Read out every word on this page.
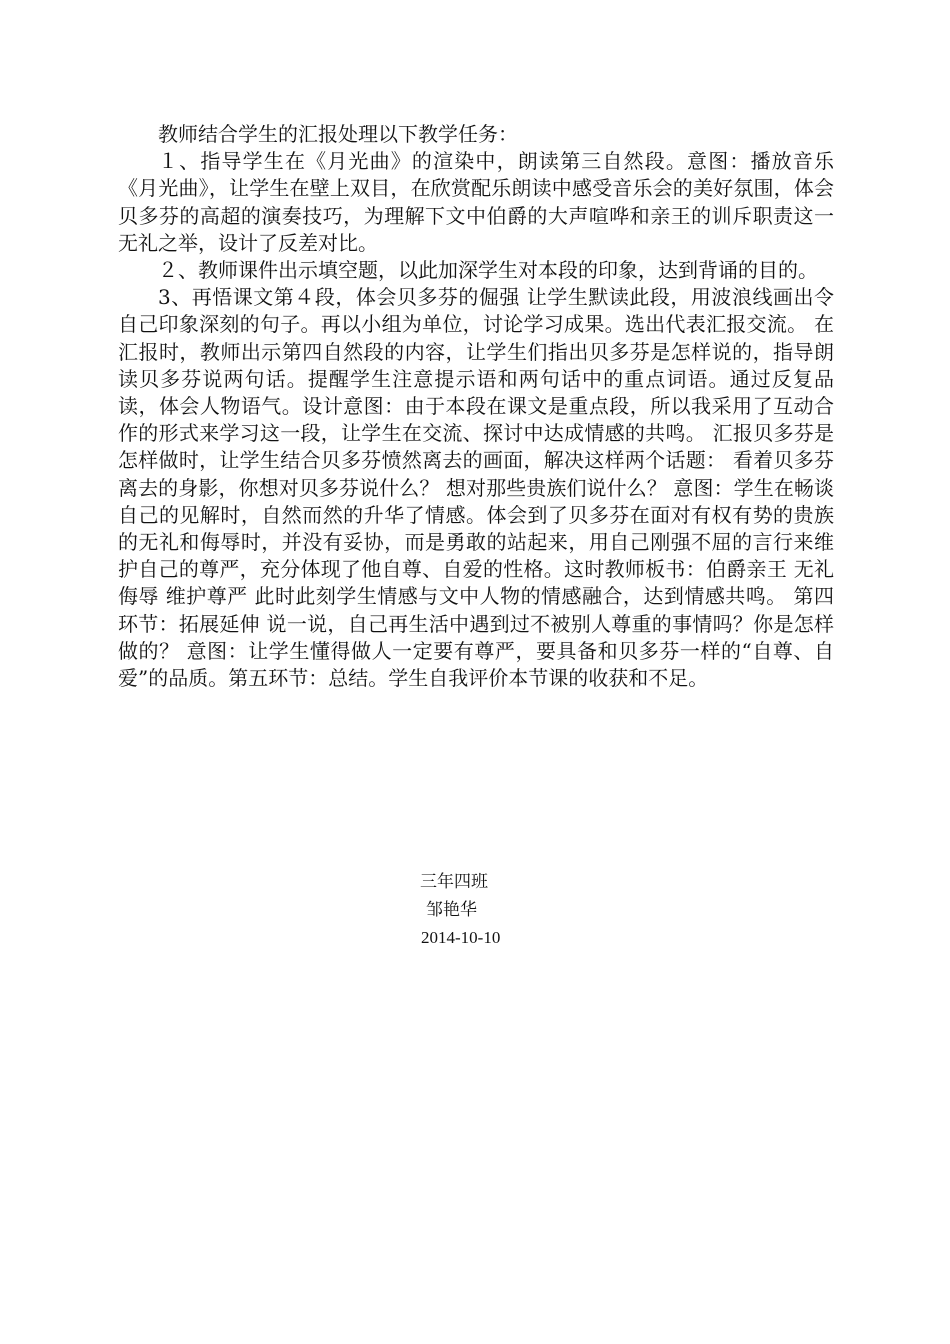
教师结合学生的汇报处理以下教学任务：

１、指导学生在《月光曲》的渲染中，朗读第三自然段。意图：播放音乐《月光曲》，让学生在壁上双目，在欣赏配乐朗读中感受音乐会的美好氛围，体会贝多芬的高超的演奏技巧，为理解下文中伯爵的大声喧哗和亲王的训斥职责这一无礼之举，设计了反差对比。

２、教师课件出示填空题，以此加深学生对本段的印象，达到背诵的目的。

3、再悟课文第４段，体会贝多芬的倔强 让学生默读此段，用波浪线画出令自己印象深刻的句子。再以小组为单位，讨论学习成果。选出代表汇报交流。 在汇报时，教师出示第四自然段的内容，让学生们指出贝多芬是怎样说的，指导朗读贝多芬说两句话。提醒学生注意提示语和两句话中的重点词语。通过反复品读，体会人物语气。设计意图：由于本段在课文是重点段，所以我采用了互动合作的形式来学习这一段，让学生在交流、探讨中达成情感的共鸣。 汇报贝多芬是怎样做时，让学生结合贝多芬愤然离去的画面，解决这样两个话题： 看着贝多芬离去的身影，你想对贝多芬说什么？ 想对那些贵族们说什么？ 意图：学生在畅谈自己的见解时，自然而然的升华了情感。体会到了贝多芬在面对有权有势的贵族的无礼和侮辱时，并没有妥协，而是勇敢的站起来，用自己刚强不屈的言行来维护自己的尊严，充分体现了他自尊、自爱的性格。这时教师板书：伯爵亲王 无礼侮辱 维护尊严 此时此刻学生情感与文中人物的情感融合，达到情感共鸣。 第四环节：拓展延伸 说一说，自己再生活中遇到过不被别人尊重的事情吗？你是怎样做的？ 意图：让学生懂得做人一定要有尊严，要具备和贝多芬一样的“自尊、自爱”的品质。第五环节：总结。学生自我评价本节课的收获和不足。

三年四班
邹艳华
2014-10-10
